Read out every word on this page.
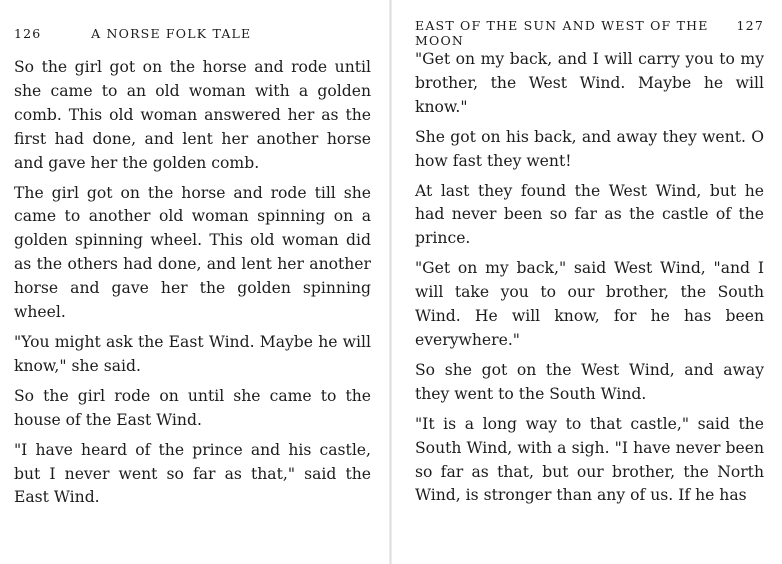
126	A NORSE FOLK TALE

So the girl got on the horse and rode until she came to an old woman with a golden comb. This old woman answered her as the first had done, and lent her another horse and gave her the golden comb.

The girl got on the horse and rode till she came to another old woman spinning on a golden spinning wheel. This old woman did as the others had done, and lent her another horse and gave her the golden spinning wheel.

"You might ask the East Wind. Maybe he will know," she said.

So the girl rode on until she came to the house of the East Wind.

"I have heard of the prince and his castle, but I never went so far as that," said the East Wind.

EAST OF THE SUN AND WEST OF THE MOON
127

"Get on my back, and I will carry you to my brother, the West Wind. Maybe he will know."

She got on his back, and away they went. O how fast they went!

At last they found the West Wind, but he had never been so far as the castle of the prince.

"Get on my back," said West Wind, "and I will take you to our brother, the South Wind. He will know, for he has been everywhere."

So she got on the West Wind, and away they went to the South Wind.

"It is a long way to that castle," said the South Wind, with a sigh. "I have never been so far as that, but our brother, the North Wind, is stronger than any of us. If he has
